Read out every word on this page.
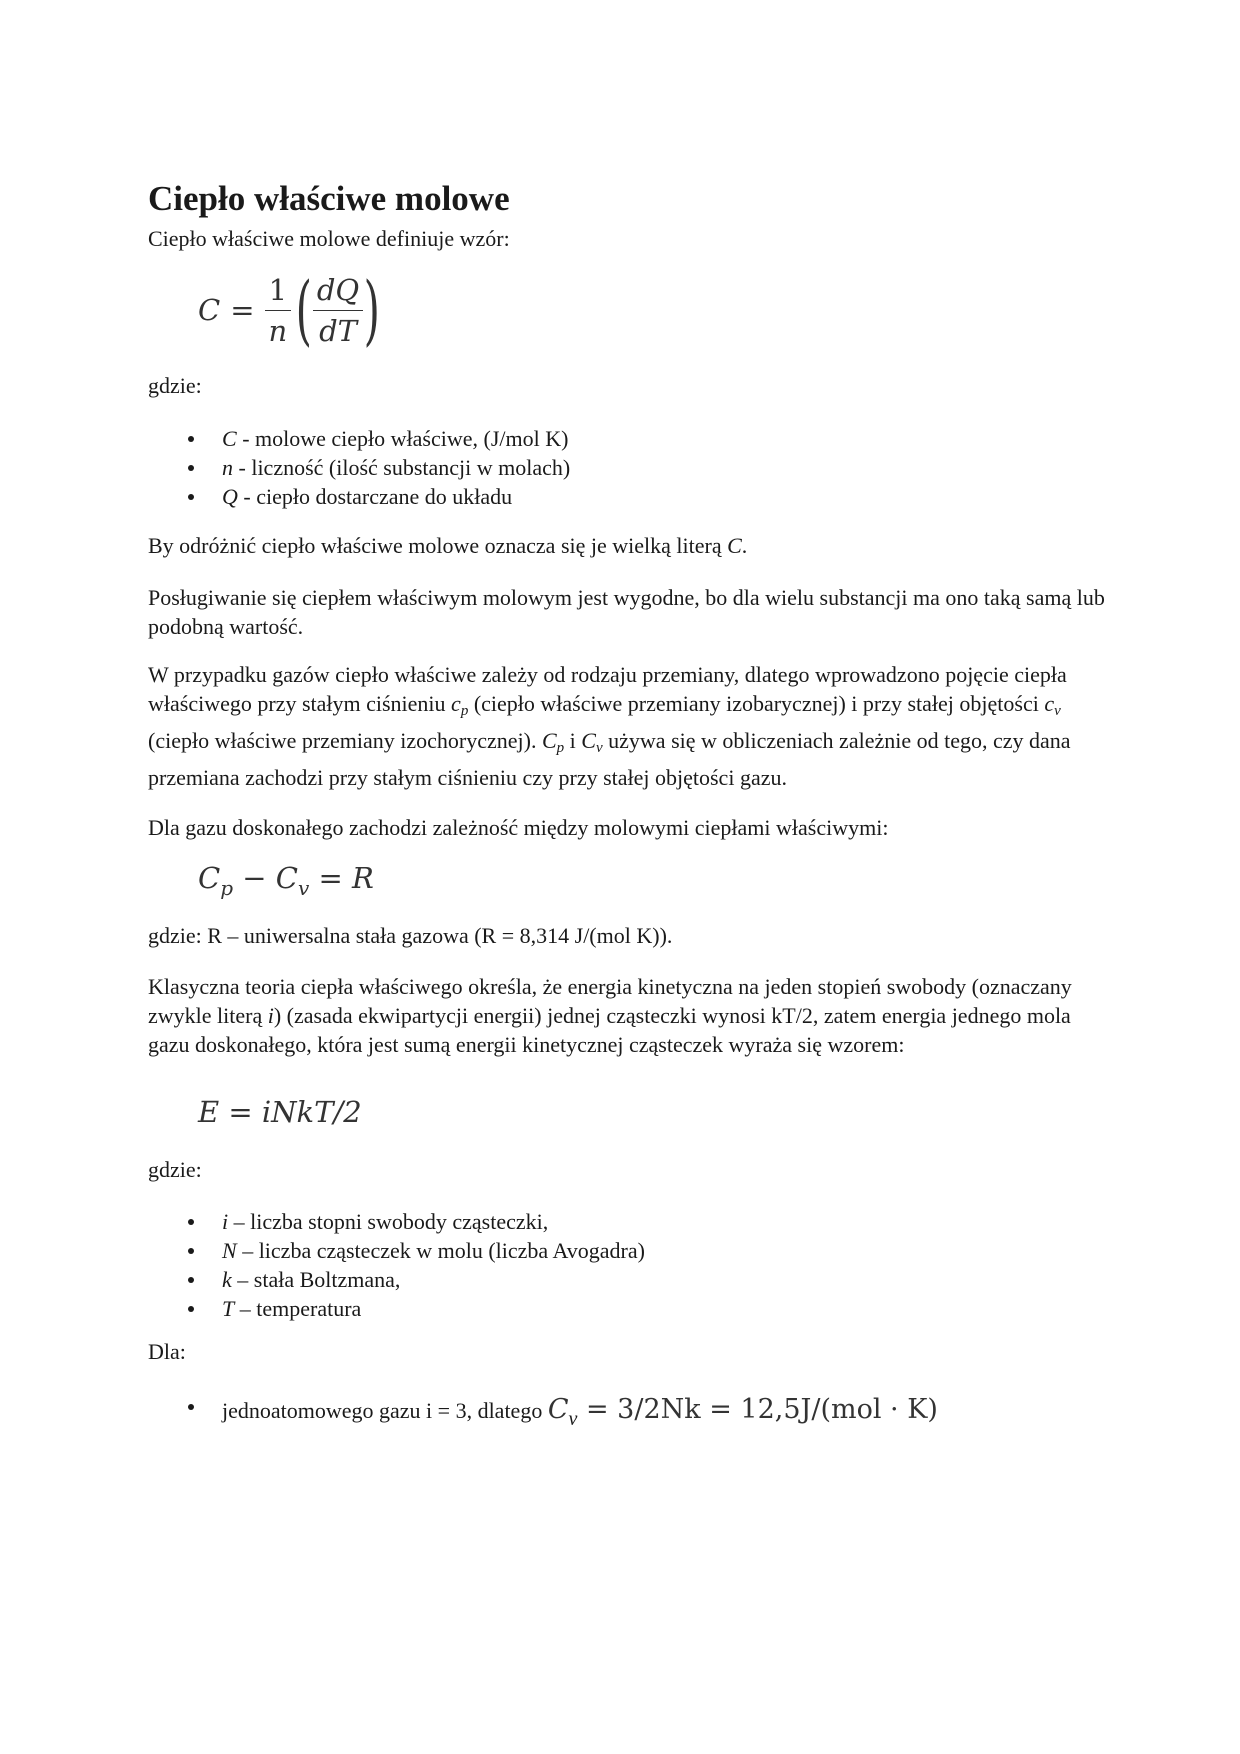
Ciepło właściwe molowe

Ciepło właściwe molowe definiuje wzór:

$C = \frac{1}{n}$ ( $\frac{dQ}{dT}$ )

gdzie:

C - molowe ciepło właściwe, (J/mol K)
n - liczność (ilość substancji w molach)
Q - ciepło dostarczane do układu

By odróżnić ciepło właściwe molowe oznacza się je wielką literą C.

Posługiwanie się ciepłem właściwym molowym jest wygodne, bo dla wielu substancji ma ono taką samą lub podobną wartość.

W przypadku gazów ciepło właściwe zależy od rodzaju przemiany, dlatego wprowadzono pojęcie ciepła właściwego przy stałym ciśnieniu $c_p$ (ciepło właściwe przemiany izobarycznej) i przy stałej objętości $c_v$ (ciepło właściwe przemiany izochorycznej). $C_p$ i $C_v$ używa się w obliczeniach zależnie od tego, czy dana przemiana zachodzi przy stałym ciśnieniu czy przy stałej objętości gazu.

Dla gazu doskonałego zachodzi zależność między molowymi ciepłami właściwymi:

$C_p - C_v = R$

gdzie: R – uniwersalna stała gazowa (R = 8,314 J/(mol K)).

Klasyczna teoria ciepła właściwego określa, że energia kinetyczna na jeden stopień swobody (oznaczany zwykle literą i) (zasada ekwipartycji energii) jednej cząsteczki wynosi kT/2, zatem energia jednego mola gazu doskonałego, która jest sumą energii kinetycznej cząsteczek wyraża się wzorem:

E = iNkT/2

gdzie:

i – liczba stopni swobody cząsteczki,
N – liczba cząsteczek w molu (liczba Avogadra)
k – stała Boltzmana,
T – temperatura

Dla:

jednoatomowego gazu i = 3, dlatego Cv = 3/2Nk = 12,5J/(mol · K)
